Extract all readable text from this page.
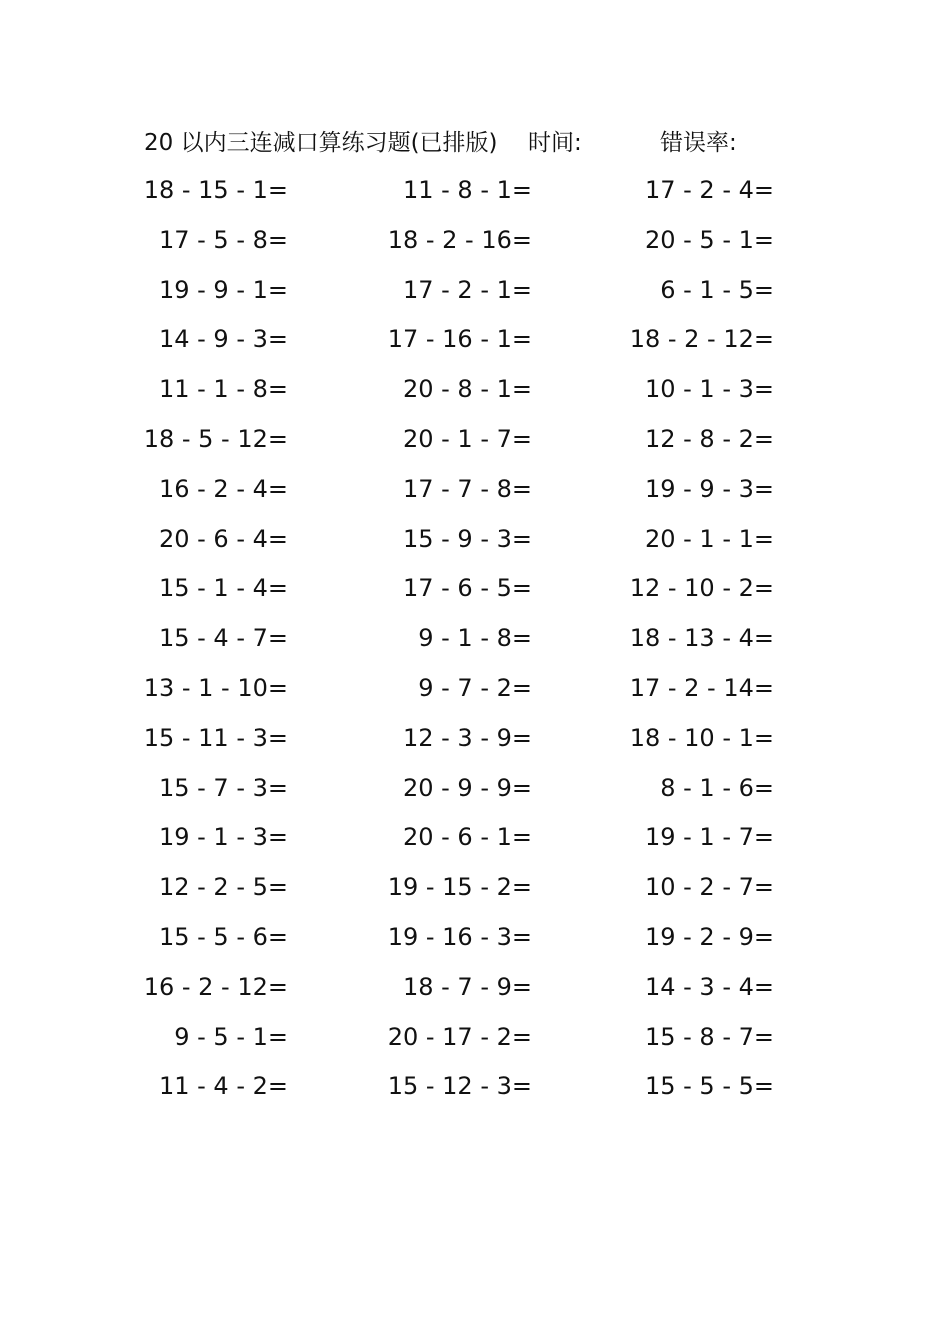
20 以内三连减口算练习题(已排版) 时间:	错误率:
18 - 15 - 1=	11 - 8 - 1=	17 - 2 - 4=
17 - 5 - 8=	18 - 2 - 16=	20 - 5 - 1=
19 - 9 - 1=	17 - 2 - 1=	6 - 1 - 5=
14 - 9 - 3=	17 - 16 - 1=	18 - 2 - 12=
11 - 1 - 8=	20 - 8 - 1=	10 - 1 - 3=
18 - 5 - 12=	20 - 1 - 7=	12 - 8 - 2=
16 - 2 - 4=	17 - 7 - 8=	19 - 9 - 3=
20 - 6 - 4=	15 - 9 - 3=	20 - 1 - 1=
15 - 1 - 4=	17 - 6 - 5=	12 - 10 - 2=
15 - 4 - 7=	9 - 1 - 8=	18 - 13 - 4=
13 - 1 - 10=	9 - 7 - 2=	17 - 2 - 14=
15 - 11 - 3=	12 - 3 - 9=	18 - 10 - 1=
15 - 7 - 3=	20 - 9 - 9=	8 - 1 - 6=
19 - 1 - 3=	20 - 6 - 1=	19 - 1 - 7=
12 - 2 - 5=	19 - 15 - 2=	10 - 2 - 7=
15 - 5 - 6=	19 - 16 - 3=	19 - 2 - 9=
16 - 2 - 12=	18 - 7 - 9=	14 - 3 - 4=
9 - 5 - 1=	20 - 17 - 2=	15 - 8 - 7=
11 - 4 - 2=	15 - 12 - 3=	15 - 5 - 5=
